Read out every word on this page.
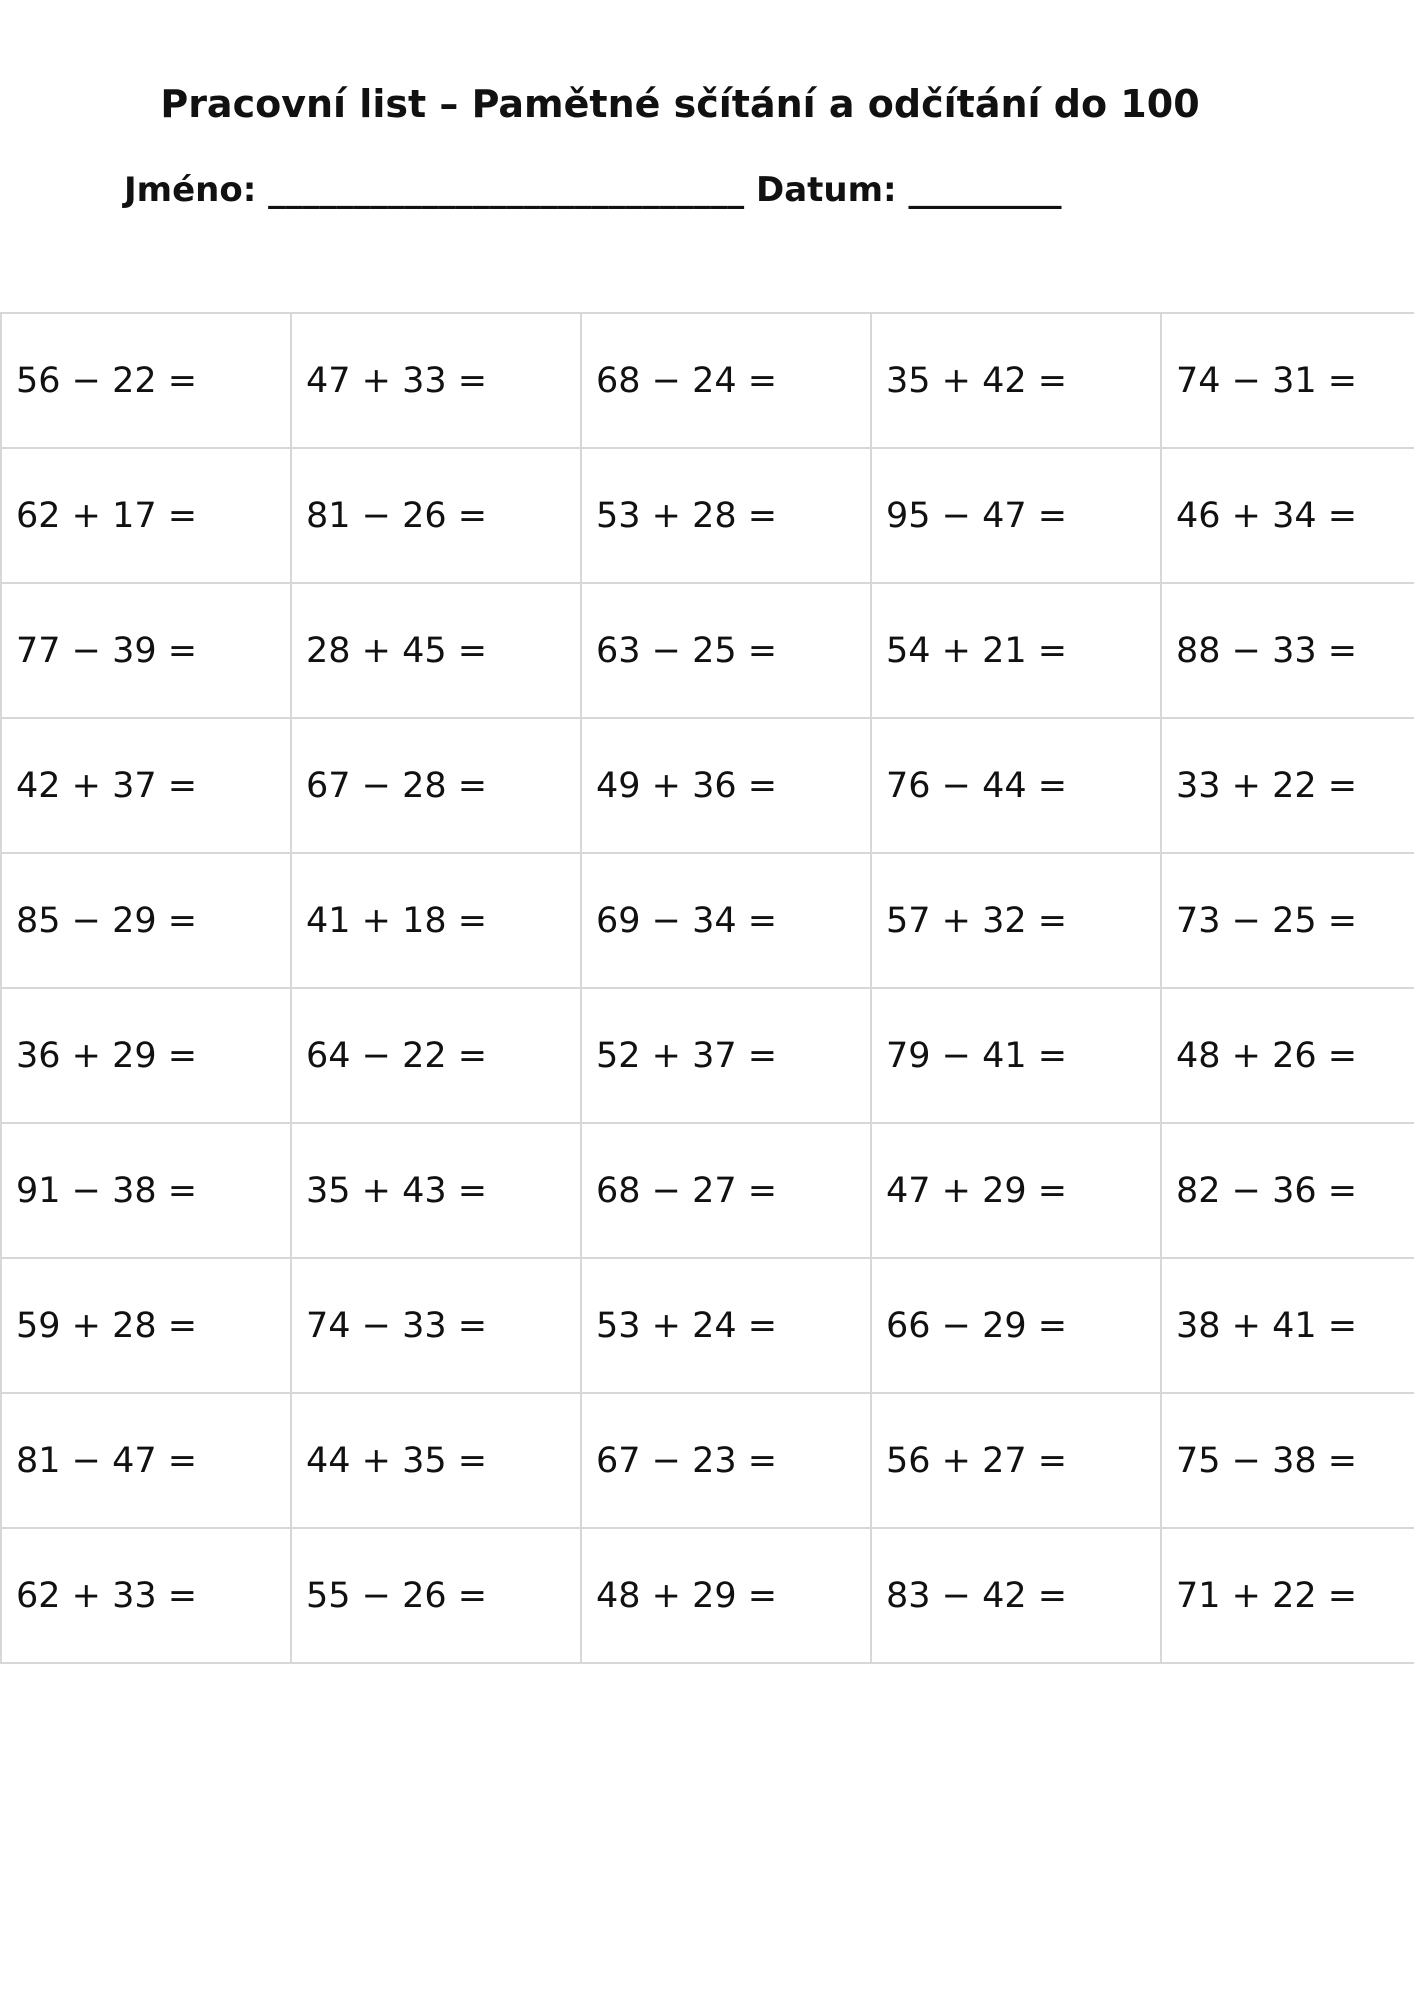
Pracovní list – Pamětné sčítání a odčítání do 100
Jméno: ____________________________ Datum: _________
56 − 22 =	47 + 33 =	68 − 24 =	35 + 42 =	74 − 31 =
62 + 17 =	81 − 26 =	53 + 28 =	95 − 47 =	46 + 34 =
77 − 39 =	28 + 45 =	63 − 25 =	54 + 21 =	88 − 33 =
42 + 37 =	67 − 28 =	49 + 36 =	76 − 44 =	33 + 22 =
85 − 29 =	41 + 18 =	69 − 34 =	57 + 32 =	73 − 25 =
36 + 29 =	64 − 22 =	52 + 37 =	79 − 41 =	48 + 26 =
91 − 38 =	35 + 43 =	68 − 27 =	47 + 29 =	82 − 36 =
59 + 28 =	74 − 33 =	53 + 24 =	66 − 29 =	38 + 41 =
81 − 47 =	44 + 35 =	67 − 23 =	56 + 27 =	75 − 38 =
62 + 33 =	55 − 26 =	48 + 29 =	83 − 42 =	71 + 22 =
